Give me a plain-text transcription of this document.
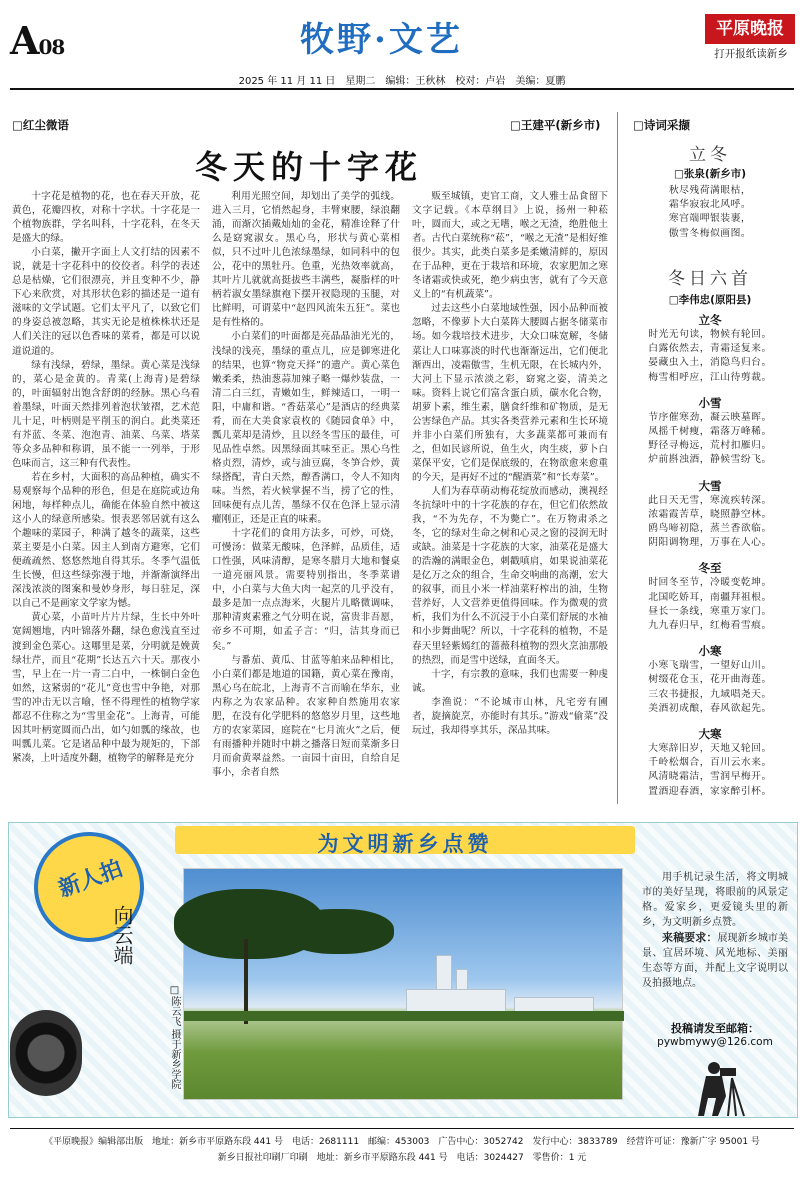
A08	牧野·文艺	平原晚报
打开报纸读新乡
2025 年 11 月 11 日　星期二　编辑：王秋林　校对：卢岩　美编：夏鹏
□红尘微语	□王建平(新乡市)
冬天的十字花

十字花是植物的花，也在春天开放，花黄色，花瓣四枚，对称十字状。十字花是一个植物族群，学名叫科，十字花科，在冬天是盛大的绿。

小白菜，撇开字面上人文打结的因素不说，就是十字花科中的佼佼者。科学的表述总是枯燥，它们很漂亮，并且变种不少，静下心来欣赏，对其形状色彩的描述是一道有滋味的文学试题。它们太平凡了，以致它们的身姿总被忽略，其实无论是植株株状还是人们关注的冠以色香味的菜肴，都是可以说道说道的。

绿有浅绿，碧绿，墨绿。黄心菜是浅绿的，菜心是金黄的。青菜(上海青)是碧绿的，叶面辐射出饱含舒朗的经脉。黑心乌看着墨绿，叶面天然排列着泡状皱褶，艺术范儿十足，叶柄则是平削玉的润白。此类菜还有芥蓝、冬菜、泡泡青、油菜、乌菜、塔菜等众多品种和称谓，虽不能一一列举，于形色味而言，这三种有代表性。

若在乡村，大面积的高品种植，确实不易观察每个品种的形色，但是在庭院或边角闲地，每样种点儿，确能在体验自然中被这这小人的绿意所感染。恨表恶邻居就有这么个趣味的菜园子，种满了越冬的蔬菜，这些菜主要是小白菜。因主人到南方避寒，它们便疏疏然、悠悠然地自得其乐。冬季气温低生长慢，但这些绿弥漫于地，并渐渐演绎出深浅浓淡的图案和曼妙身形，每日驻足，深以自己不是画家文学家为憾。

黄心菜，小苗叶片片片绿，生长中外叶宽阔翘地，内叶锦落外翻，绿色愈浅直至过渡到金色菜心。这哪里是菜，分明就是娩黄绿壮芹，而且“花期”长达五六十天。那夜小雪，早上在一片一青二白中，一株铜白金色如然，这紧弱的“花儿”竟也雪中争艳，对那雪的冲击无以言喻，怪不得理性的植物学家都忍不住称之为“雪里金花”。上海青，可能因其叶柄宽圆而凸出，如勺如瓢的缘故，也叫瓢儿菜。它是诸品种中最为规矩的，下部紧凑，上叶适度外翻，植物学的解释是充分

利用光照空间，却划出了美学的弧线。进入三月，它悄然起身，丰臂柬腰，绿浪翻涌，而渐次插戴灿灿的金花，精准诠释了什么是窈窕淑女。黑心乌，形状与黄心菜相似，只不过叶儿色浓绿墨绿，如同科中的包公，花中的黑牡丹。色重，光热效率就高，其叶片儿就就高挺拔些丰满些，凝脂样的叶柄若淑女墨绿旗袍下摆开衩隐现的玉腿，对比鲜明，可谓菜中“赵四风流朱五狂”。菜也是有性格的。

小白菜们的叶面都是亮晶晶油光光的，浅绿的浅亮，墨绿的重点儿，应是御寒进化的结果，也算“物竞天择”的遗产。黄心菜色嫩柔柔，热油葱蒜加辣子略一爆炒装盘，一清二白三红，青嫩如生，鲜辣适口，一明一阳，中庸和谐。“香菇菜心”是酒店的经典菜肴，而在大美食家袁枚的《随园食单》中，瓢儿菜却是清炒，且以经冬雪压的最佳，可见品性卓然。因黑绿面其味至正。黑心乌性格贞烈，清炒，或与油豆腐，冬笋合炒，黄绿搭配，青白天然，醇香满口，令人不知肉味。当然，若火候掌握不当，捞了它的性，回味便有点儿苦，墨绿不仅在色泽上显示清癯刚正，还是正直的味素。

十字花们的食用方法多，可炒，可烧，可慢汤：做菜无酸味，色泽鲜，品质佳，适口性强，风味清醇，是寒冬腊月大地和餐桌一道亮丽风景。需要特别指出，冬季菜谱中，小白菜与大鱼大肉一起烹的几乎没有，最多是加一点点海米，火腿片儿略微调味，那种清爽素雅之气分明在说，富贵非吾愿，帝乡不可期，如孟子言：“归，洁其身而已矣。”

与番茄、黄瓜、甘蓝等舶来品种相比，小白菜们都是地道的国籍，黄心菜在豫南，黑心乌在皖北，上海青不言而喻在华东，业内称之为农家品种。农家种自然施用农家肥，在没有化学肥料的悠悠岁月里，这些地方的农家菜园，庭院在“七月流火”之后，便有雨播种并随时中耕之播落日短而菜渐多日月而俞黄翠益然。一亩园十亩田，自给自足事小，余者自然

贩至城镇，吏官工商，文人雅士品食留下文字记载。《本草纲目》上说，扬州一种菘叶，圆而大，或之无嗜，喉之无渣，绝胜他土者。古代白菜统称“菘”，“喉之无渣”是相好维很少。其实，此类白菜多是柔嫩清鲜的，原因在于品种，更在于栽培和环境，农家肥加之寒冬诸霜或快或死，绝少病虫害，就有了今天意义上的“有机蔬菜”。

过去这些小白菜地域性强，因小品种而被忽略，不像萝卜大白菜阵大腰圆占据冬储菜市场。如今栽培技术进步，大众口味宽解，冬储菜让人口味寡淡的时代也渐渐远出，它们便北渐西出，凌霜傲雪，生机无限，在长城内外，大河上下显示浓淡之彩，窈窕之姿，清美之味。资料上说它们富含蛋白质，碳水化合物，胡萝卜素，维生素，膳食纤维和矿物质，是无公害绿色产品。其实各类营养元素和生长环境并非小白菜们所独有，大多蔬菜都可兼而有之，但如民谚所说，鱼生火，肉生痰，萝卜白菜保平安，它们是保底级的，在物欲愈来愈重的今天，是再好不过的“醒酒菜”和“长寿菜”。

人们为春草萌动梅花绽放而感动，澳视经冬抗绿叶中的十字花族的存在，但它们依然故我，“不为先存，不为斃亡”。在万物肃杀之冬，它的绿对生命之树和心灵之窗的浸润无时或缺。油菜是十字花族的大家，油菜花是盛大的浩瀚的满眼金色，刺戳嗔肩，如果说油菜花是亿万之众的组合，生命交响曲的高潮，宏大的叙事，而且小米一样油菜籽榨出的油，生物营养好，人文营养更值得回味。作为微观的赏析，我们为什么不沉浸于小白菜们舒展的水袖和小步舞曲呢？所以，十字花科的植物，不是春天里轻紫嫣红的蔷薇科植物的烈火烹油那般的热烈，而是雪中送绿，直面冬天。

十字，有宗教的意味，我们也需要一种虔诚。

李渔说：“不论城市山林，凡宅旁有圃者，旋摘旋烹，亦能时有其乐。”游戏“偷菜”没玩过，我却得享其乐，深品其味。

□诗词采撷
立冬
□张泉(新乡市)
秋尽残荷满眼枯，
霜华寂寂北风呼。
寒宫端呷银装裹，
傲雪冬梅似画图。
冬日六首
□李伟忠(原阳县)
立冬
时光无句读，物候有轮回。
白露依然去，青霜迳复来。
晏藏虫入土，消隐鸟归台。
梅雪相呼应，江山待剪裁。
小雪
节序催寒劲，凝云映墓晖。
凤摇千树瘦，霜落万峰稀。
野径寻梅远，荒村扣雁归。
炉前斟浊酒，静候雪纷飞。
大雪
此日天无雪，寒流疾转深。
浓霜霞苦草，晓照静空林。
鸥鸟啼初隐，蒸兰香欲临。
阴阳调物理，万事在人心。
冬至
时回冬至节，冷暖变乾坤。
北国吃娇耳，南疆拜祖根。
昼长一条线，寒重万家门。
九九春归早，红梅看雪痕。
小寒
小寒飞瑞雪，一望好山川。
树缀花仓玉，花开曲海莲。
三农书捷报，九域唱尧天。
美酒初成酿，春风欲起先。
大寒
大寒辞旧岁，天地又轮回。
千岭松烟合，百川云水来。
风清晓霜洁，雪润早梅开。
置酒迎春酒，家家醉引杯。
为文明新乡点赞
新人拍
向云端
□陈云飞 摄于新乡学院
用手机记录生活，将文明城市的美好呈现，将眼前的风景定格。爱家乡，更爱镜头里的新乡，为文明新乡点赞。
来稿要求：展现新乡城市美景、宜居环境、风光地标、美丽生态等方面，并配上文字说明以及拍摄地点。
投稿请发至邮箱：
pywbmywy@126.com
《平原晚报》编辑部出版　地址：新乡市平原路东段 441 号　电话：2681111　邮编：453003　广告中心：3052742　发行中心：3833789　经营许可证：豫新广字 95001 号
新乡日报社印刷厂印刷　地址：新乡市平原路东段 441 号　电话：3024427　零售价：1 元
